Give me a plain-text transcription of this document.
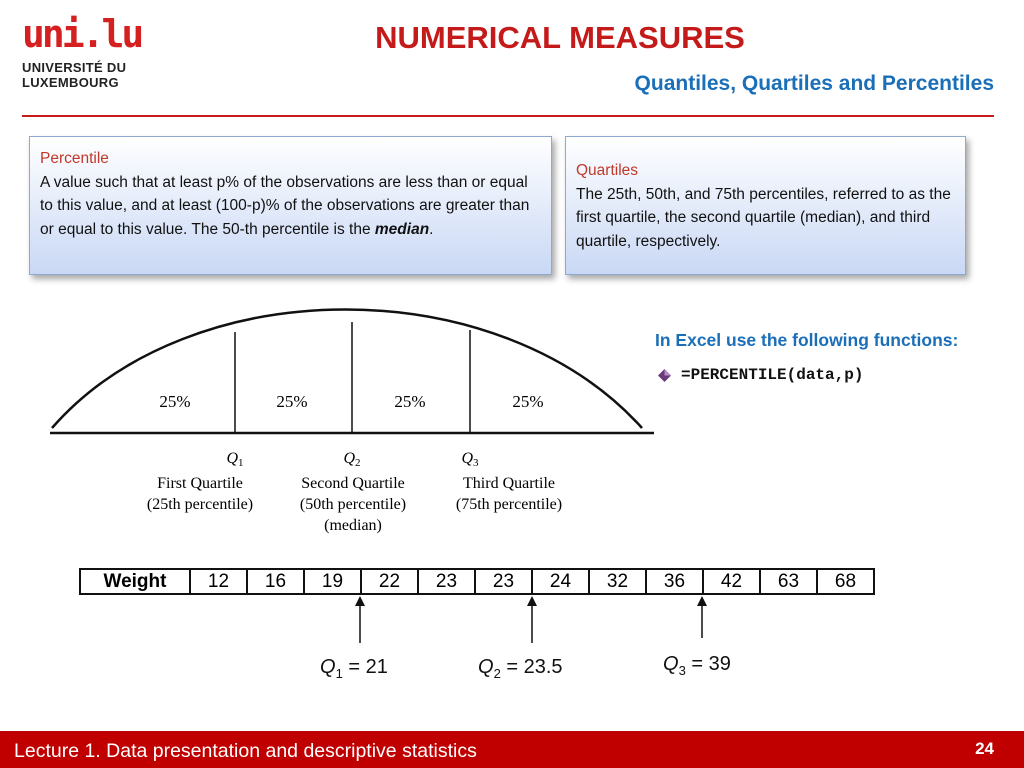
uni.lu
UNIVERSITÉ DU
LUXEMBOURG
NUMERICAL MEASURES
Quantiles, Quartiles and Percentiles
Percentile
A value such that at least p% of the observations are less than or equal to this value, and at least (100-p)% of the observations are greater than or equal to this value. The 50-th percentile is the median.
Quartiles
The 25th, 50th, and 75th percentiles, referred to as the first quartile, the second quartile (median), and third quartile, respectively.
25%	25%	25%	25%
Q1	Q2	Q3
First Quartile
(25th percentile)
Second Quartile
(50th percentile)
(median)
Third Quartile
(75th percentile)
In Excel use the following functions:
=PERCENTILE(data,p)
Weight	12	16	19	22	23	23	24	32	36	42	63	68
$Q_1 = 21$	$Q_2 = 23.5$	$Q_3 = 39$
Lecture 1. Data presentation and descriptive statistics	24
